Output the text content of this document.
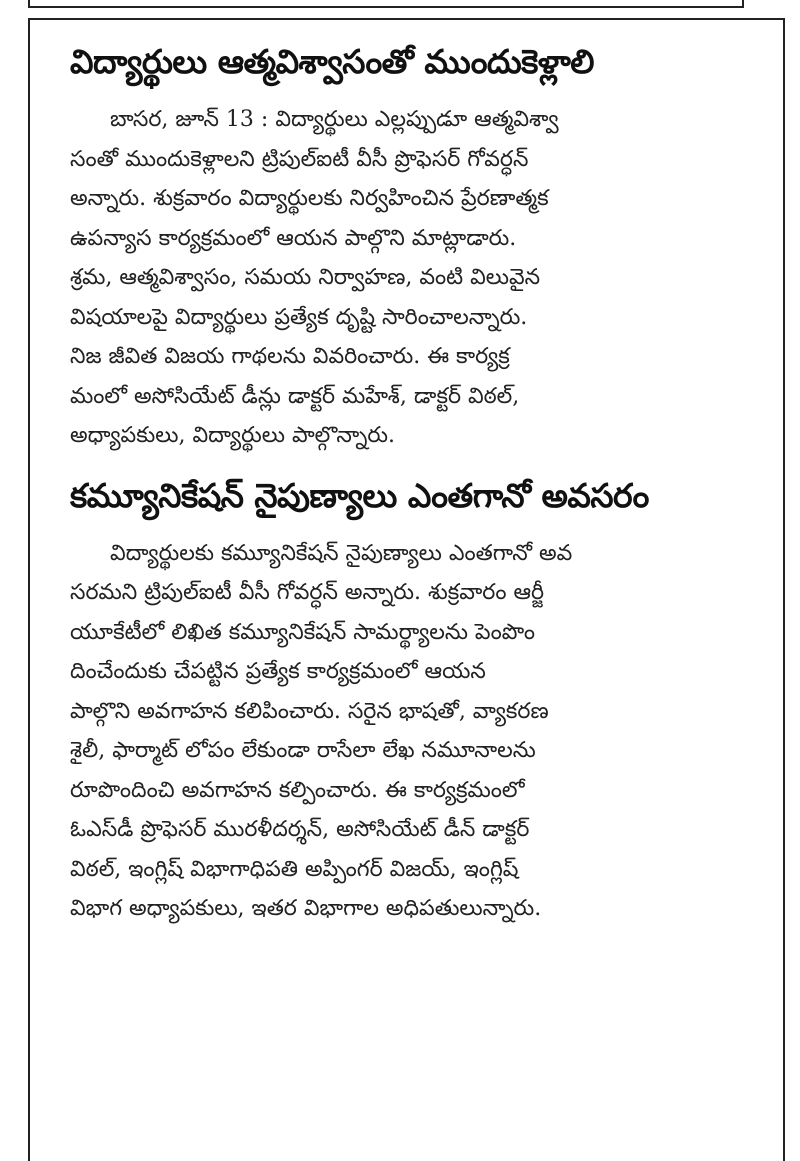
విద్యార్థులు ఆత్మవిశ్వాసంతో ముందుకెళ్లాలి
బాసర, జూన్ 13 : విద్యార్థులు ఎల్లప్పుడూ ఆత్మవిశ్వా
సంతో ముందుకెళ్లాలని ట్రిపుల్‌ఐటీ వీసీ ప్రొఫెసర్ గోవర్ధన్
అన్నారు. శుక్రవారం విద్యార్థులకు నిర్వహించిన ప్రేరణాత్మక
ఉపన్యాస కార్యక్రమంలో ఆయన పాల్గొని మాట్లాడారు.
శ్రమ, ఆత్మవిశ్వాసం, సమయ నిర్వాహణ, వంటి విలువైన
విషయాలపై విద్యార్థులు ప్రత్యేక దృష్టి సారించాలన్నారు.
నిజ జీవిత విజయ గాథలను వివరించారు. ఈ కార్యక్ర
మంలో అసోసియేట్ డీన్లు డాక్టర్ మహేశ్, డాక్టర్ విఠల్,
అధ్యాపకులు, విద్యార్థులు పాల్గొన్నారు.
కమ్యూనికేషన్ నైపుణ్యాలు ఎంతగానో అవసరం
విద్యార్థులకు కమ్యూనికేషన్ నైపుణ్యాలు ఎంతగానో అవ
సరమని ట్రిపుల్‌ఐటీ వీసీ గోవర్ధన్ అన్నారు. శుక్రవారం ఆర్జీ
యూకేటీలో లిఖిత కమ్యూనికేషన్ సామర్థ్యాలను పెంపొం
దించేందుకు చేపట్టిన ప్రత్యేక కార్యక్రమంలో ఆయన
పాల్గొని అవగాహన కలిపించారు. సరైన భాషతో, వ్యాకరణ
శైలీ, ఫార్మాట్ లోపం లేకుండా రాసేలా లేఖ నమూనాలను
రూపొందించి అవగాహన కల్పించారు. ఈ కార్యక్రమంలో
ఓఎస్‌డీ ప్రొఫెసర్ మురళీదర్శన్, అసోసియేట్ డీన్ డాక్టర్
విఠల్, ఇంగ్లిష్ విభాగాధిపతి అప్పింగర్ విజయ్, ఇంగ్లిష్
విభాగ అధ్యాపకులు, ఇతర విభాగాల అధిపతులున్నారు.
